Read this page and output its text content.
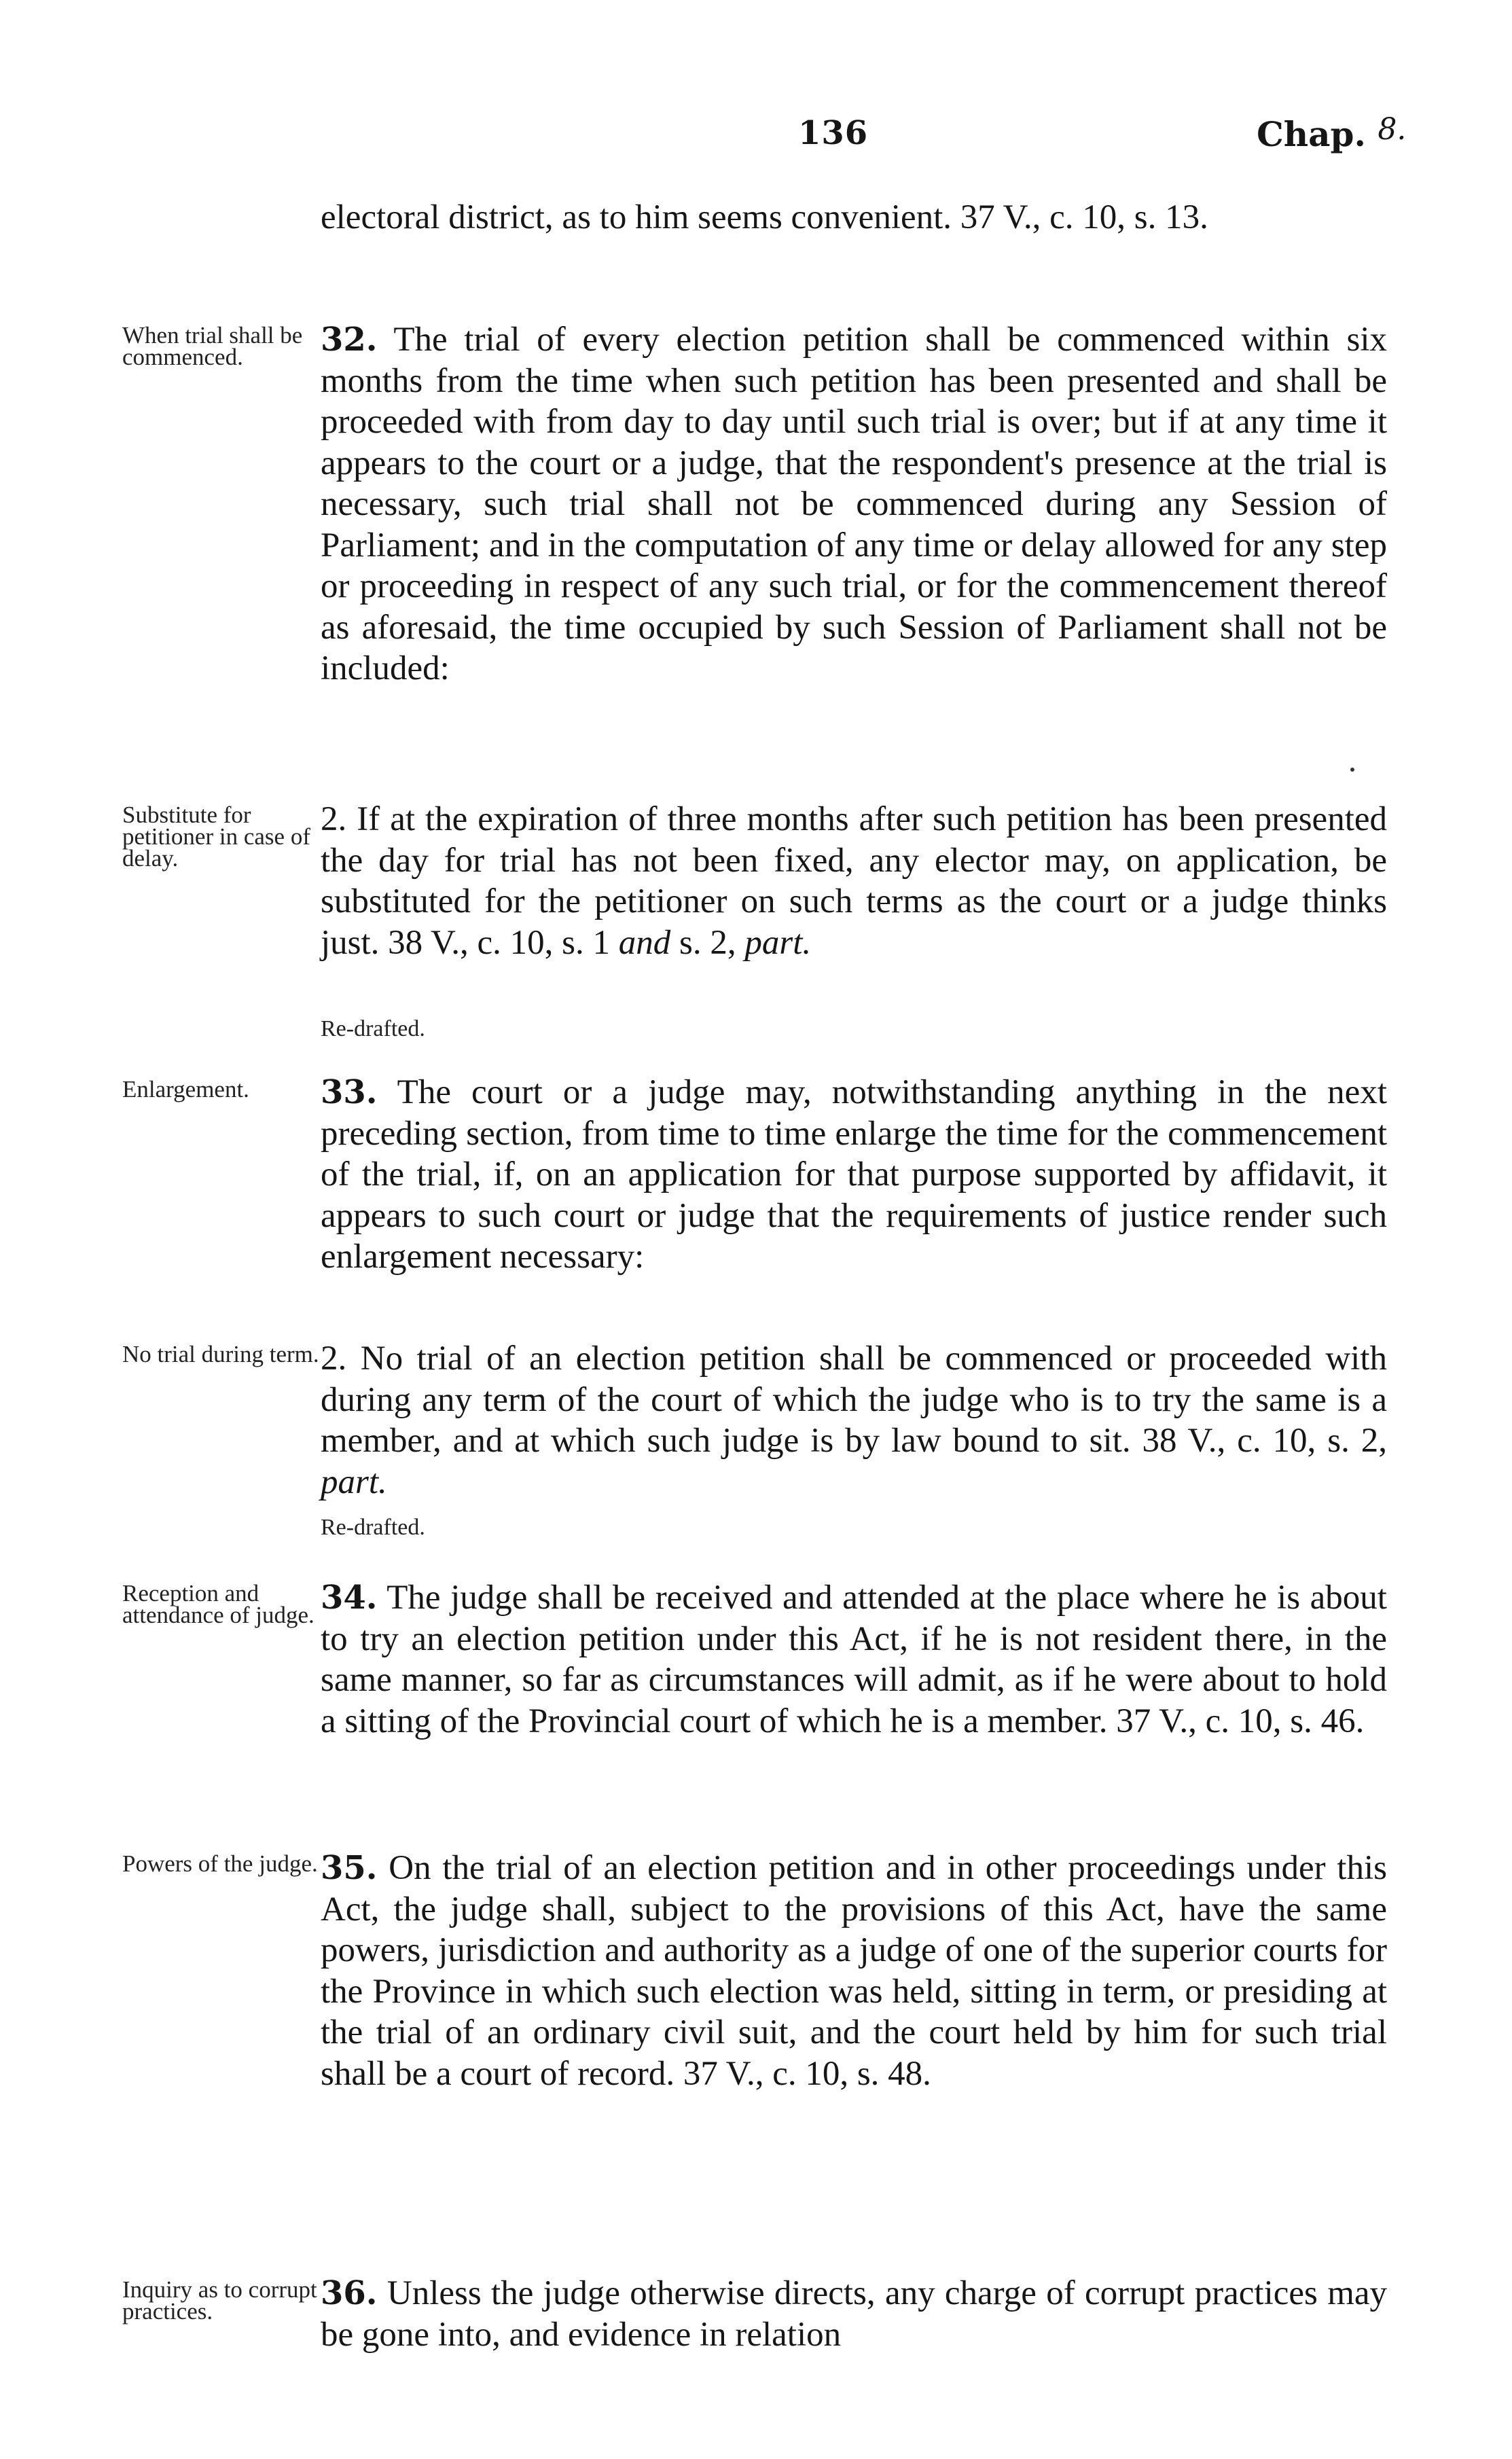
136	Chap. 8.
electoral district, as to him seems convenient. 37 V., c. 10, s. 13.
When trial shall be commenced.	32. The trial of every election petition shall be commenced within six months from the time when such petition has been presented and shall be proceeded with from day to day until such trial is over; but if at any time it appears to the court or a judge, that the respondent's presence at the trial is necessary, such trial shall not be commenced during any Session of Parliament; and in the computation of any time or delay allowed for any step or proceeding in respect of any such trial, or for the commencement thereof as aforesaid, the time occupied by such Session of Parliament shall not be included:
Substitute for petitioner in case of delay.
2. If at the expiration of three months after such petition has been presented the day for trial has not been fixed, any elector may, on application, be substituted for the petitioner on such terms as the court or a judge thinks just. 38 V., c. 10, s. 1 and s. 2, part.
Re-drafted.
Enlargement.	33. The court or a judge may, notwithstanding anything in the next preceding section, from time to time enlarge the time for the commencement of the trial, if, on an application for that purpose supported by affidavit, it appears to such court or judge that the requirements of justice render such enlargement necessary:
No trial during term. 2. No trial of an election petition shall be commenced or proceeded with during any term of the court of which the judge who is to try the same is a member, and at which such judge is by law bound to sit. 38 V., c. 10, s. 2, part.
Re-drafted.
Reception and attendance of judge. 34. The judge shall be received and attended at the place where he is about to try an election petition under this Act, if he is not resident there, in the same manner, so far as circumstances will admit, as if he were about to hold a sitting of the Provincial court of which he is a member. 37 V., c. 10, s. 46.
Powers of the judge. 35. On the trial of an election petition and in other proceedings under this Act, the judge shall, subject to the provisions of this Act, have the same powers, jurisdiction and authority as a judge of one of the superior courts for the Province in which such election was held, sitting in term, or presiding at the trial of an ordinary civil suit, and the court held by him for such trial shall be a court of record. 37 V., c. 10, s. 48.
Inquiry as to corrupt practices.	36. Unless the judge otherwise directs, any charge of corrupt practices may be gone into, and evidence in relation
